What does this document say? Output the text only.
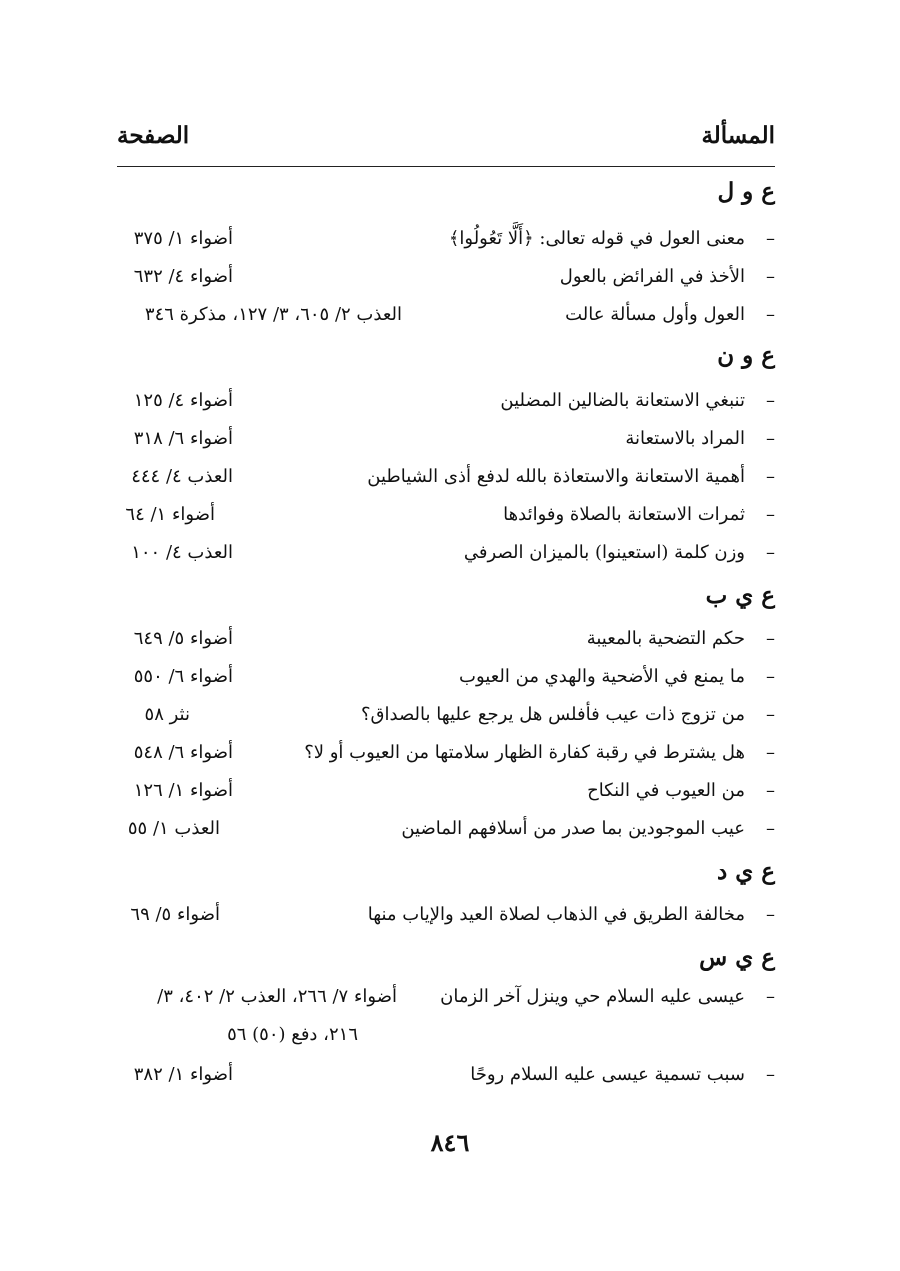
المسألة
الصفحة
ع و ل
–
معنى العول في قوله تعالى: ﴿أَلَّا تَعُولُوا﴾
أضواء ١/ ٣٧٥
–
الأخذ في الفرائض بالعول
أضواء ٤/ ٦٣٢
–
العول وأول مسألة عالت
العذب ٢/ ٦٠٥، ٣/ ١٢٧، مذكرة ٣٤٦
ع و ن
–
تنبغي الاستعانة بالضالين المضلين
أضواء ٤/ ١٢٥
–
المراد بالاستعانة
أضواء ٦/ ٣١٨
–
أهمية الاستعانة والاستعاذة بالله لدفع أذى الشياطين
العذب ٤/ ٤٤٤
–
ثمرات الاستعانة بالصلاة وفوائدها
أضواء ١/ ٦٤
–
وزن كلمة (استعينوا) بالميزان الصرفي
العذب ٤/ ١٠٠
ع ي ب
–
حكم التضحية بالمعيبة
أضواء ٥/ ٦٤٩
–
ما يمنع في الأضحية والهدي من العيوب
أضواء ٦/ ٥٥٠
–
من تزوج ذات عيب فأفلس هل يرجع عليها بالصداق؟
نثر ٥٨
–
هل يشترط في رقبة كفارة الظهار سلامتها من العيوب أو لا؟
أضواء ٦/ ٥٤٨
–
من العيوب في النكاح
أضواء ١/ ١٢٦
–
عيب الموجودين بما صدر من أسلافهم الماضين
العذب ١/ ٥٥
ع ي د
–
مخالفة الطريق في الذهاب لصلاة العيد والإياب منها
أضواء ٥/ ٦٩
ع ي س
–
عيسى عليه السلام حي وينزل آخر الزمان
أضواء ٧/ ٢٦٦، العذب ٢/ ٤٠٢، ٣/
٢١٦، دفع (٥٠) ٥٦
–
سبب تسمية عيسى عليه السلام روحًا
أضواء ١/ ٣٨٢
٨٤٦
